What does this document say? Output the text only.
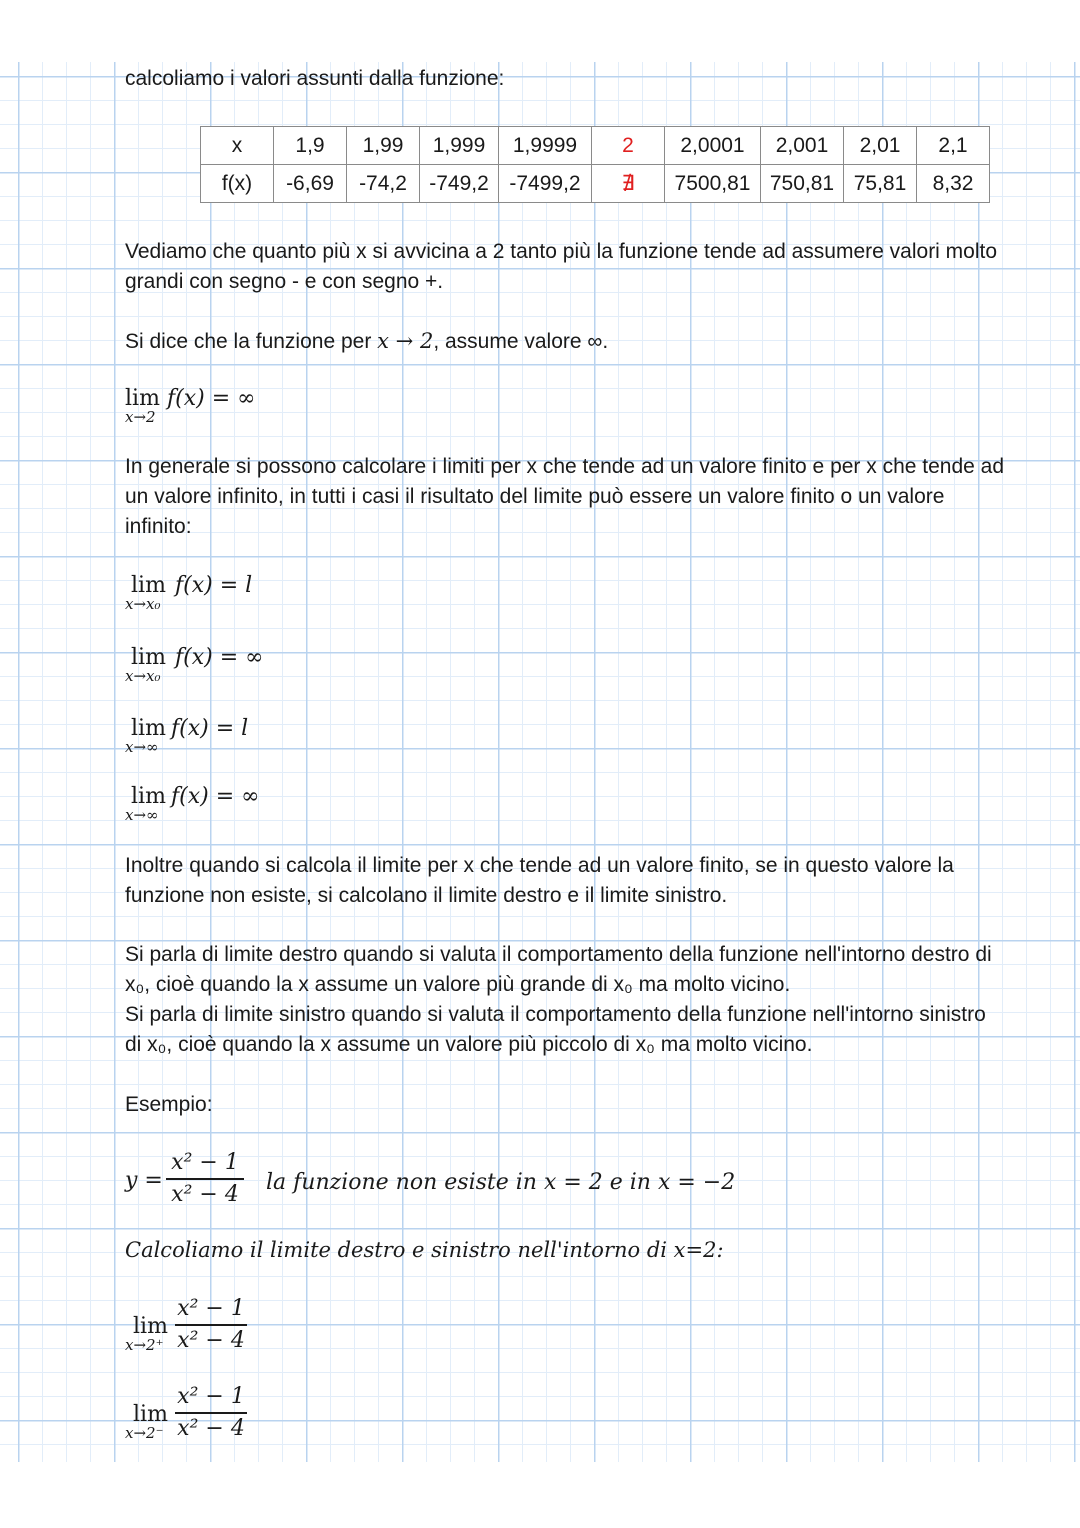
calcoliamo i valori assunti dalla funzione:
x	1,9	1,99	1,999	1,9999	2	2,0001	2,001	2,01	2,1
f(x)	-6,69	-74,2	-749,2	-7499,2	∄	7500,81	750,81	75,81	8,32
Vediamo che quanto più x si avvicina a 2 tanto più la funzione tende ad assumere valori molto
grandi con segno - e con segno +.
Si dice che la funzione per x → 2, assume valore ∞.
lim
x→2
f(x) = ∞
In generale si possono calcolare i limiti per x che tende ad un valore finito e per x che tende ad
un valore infinito, in tutti i casi il risultato del limite può essere un valore finito o un valore
infinito:
lim
x→x₀
f(x) = l
lim
x→x₀
f(x) = ∞
lim
x→∞
f(x) = l
lim
x→∞
f(x) = ∞
Inoltre quando si calcola il limite per x che tende ad un valore finito, se in questo valore la
funzione non esiste, si calcolano il limite destro e il limite sinistro.
Si parla di limite destro quando si valuta il comportamento della funzione nell'intorno destro di
x₀, cioè quando la x assume un valore più grande di x₀ ma molto vicino.
Si parla di limite sinistro quando si valuta il comportamento della funzione nell'intorno sinistro
di x₀, cioè quando la x assume un valore più piccolo di x₀ ma molto vicino.
Esempio:
y =
x² − 1
x² − 4 la funzione non esiste in x = 2 e in x = −2
Calcoliamo il limite destro e sinistro nell'intorno di x=2:
lim
x→2⁺
x² − 1
x² − 4
lim
x→2⁻
x² − 1
x² − 4
